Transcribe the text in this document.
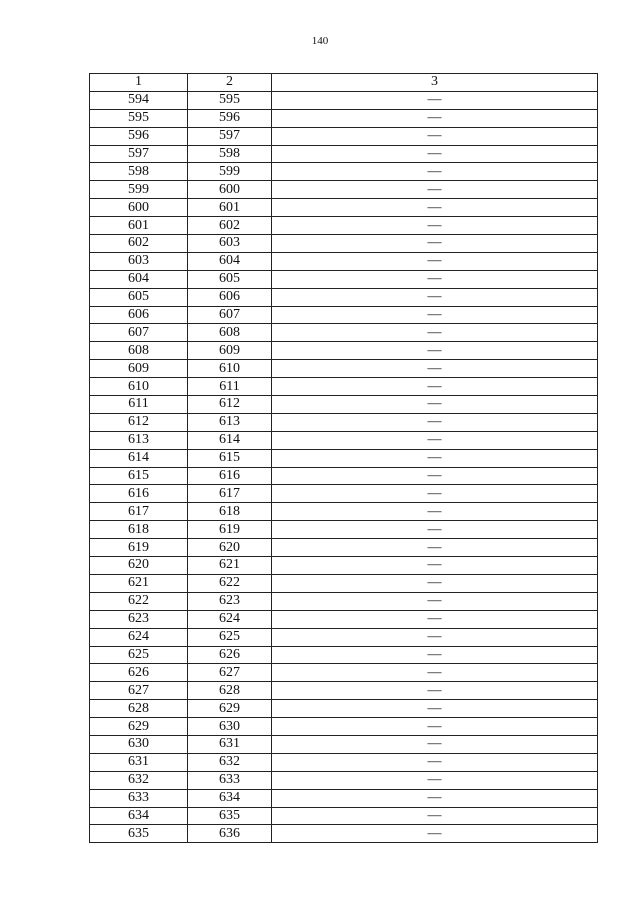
140
1	2	3
594	595	—
595	596	—
596	597	—
597	598	—
598	599	—
599	600	—
600	601	—
601	602	—
602	603	—
603	604	—
604	605	—
605	606	—
606	607	—
607	608	—
608	609	—
609	610	—
610	611	—
611	612	—
612	613	—
613	614	—
614	615	—
615	616	—
616	617	—
617	618	—
618	619	—
619	620	—
620	621	—
621	622	—
622	623	—
623	624	—
624	625	—
625	626	—
626	627	—
627	628	—
628	629	—
629	630	—
630	631	—
631	632	—
632	633	—
633	634	—
634	635	—
635	636	—
